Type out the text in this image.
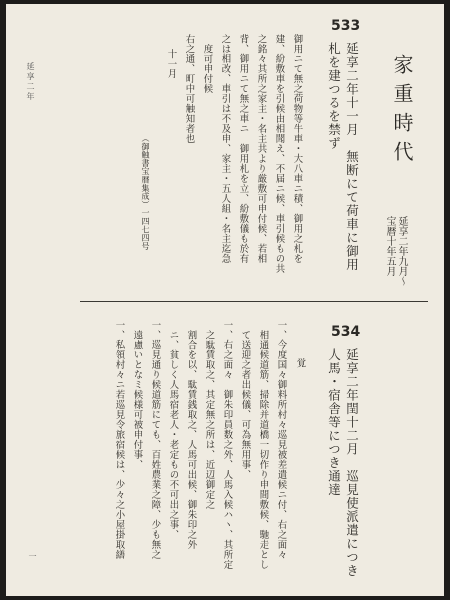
家重時代
延享二年九月〜
宝暦十年五月
延享二年
一
533
延享二年十一月　無断にて荷車に御用
札を建つるを禁ず
御用ニて無之荷物等牛車・大八車ニ積、御用之札を
建、紛敷車を引候由相聞え、不届ニ候、車引候もの共
之銘々其所之家主・名主共より厳敷可申付候、若相
背、御用ニて無之車ニ　御用札を立、紛敷儀も於有
之は相改、車引は不及申、家主・五人組・名主迄急
度可申付候
右之通、町中可触知者也
十一月
（御触書宝暦集成）一四七四号
534
延享二年閏十二月　巡見使派遣につき
人馬・宿舎等につき通達
覚
一、今度国々御料所村々巡見被差遣候ニ付、右之面々
相通候道筋、掃除并道橋一切作り申間敷候、馳走とし
て送迎之者出候儀、可為無用事、
一、右之面々　御朱印員数之外、人馬入候ハヽ、其所定
之駄賃取之、其定無之所は、近辺御定之
割合を以、駄賃銭取之、人馬可出候、御朱印之外
ニ、貧しく人馬宿老人・老定もの不可出之事、
一、巡見通り候道筋にても、百姓農業之障、少も無之
遠慮いとなミ候様可被申付事、
一、私領村々ニ若巡見令旅宿候は、少々之小屋掛取繕
